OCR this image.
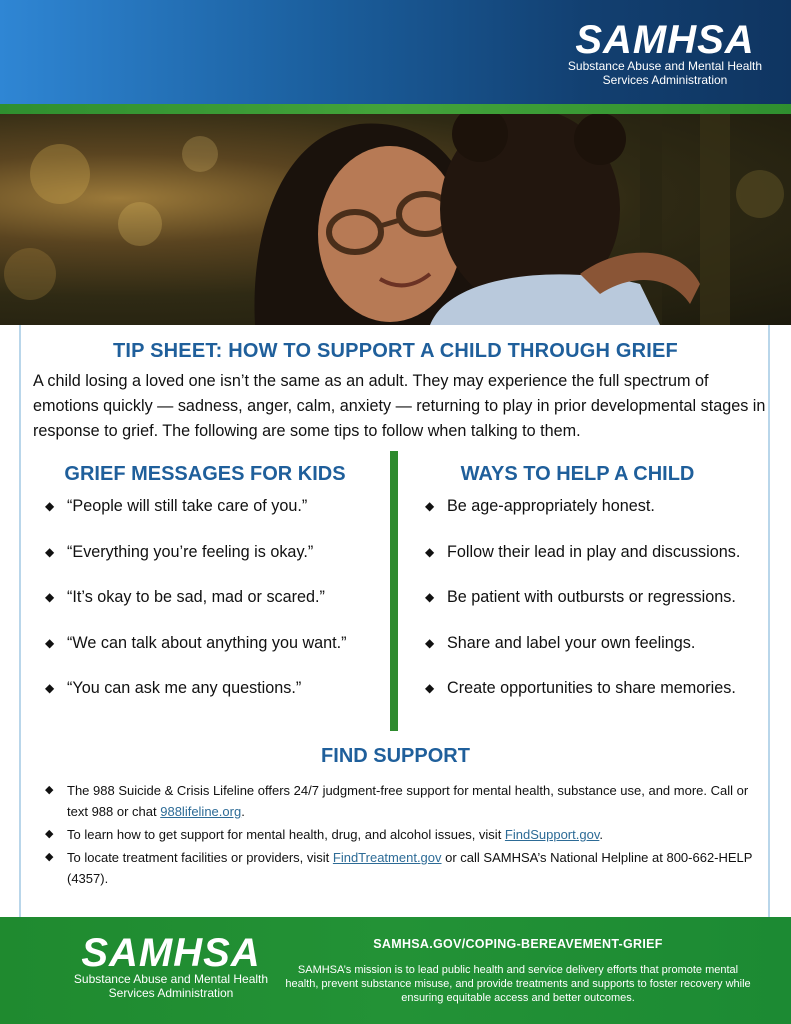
SAMHSA
Substance Abuse and Mental Health
Services Administration
TIP SHEET: HOW TO SUPPORT A CHILD THROUGH GRIEF

A child losing a loved one isn’t the same as an adult. They may experience the full spectrum of emotions quickly — sadness, anger, calm, anxiety — returning to play in prior developmental stages in response to grief. The following are some tips to follow when talking to them.

GRIEF MESSAGES FOR KIDS	WAYS TO HELP A CHILD
◆ “People will still take care of you.”
◆ “Everything you’re feeling is okay.”
◆ “It’s okay to be sad, mad or scared.”
◆ “We can talk about anything you want.”
◆ “You can ask me any questions.”
◆ Be age-appropriately honest.
◆ Follow their lead in play and discussions.
◆ Be patient with outbursts or regressions.
◆ Share and label your own feelings.
◆ Create opportunities to share memories.
FIND SUPPORT
◆ The 988 Suicide & Crisis Lifeline offers 24/7 judgment-free support for mental health, substance use, and more. Call or text 988 or chat 988lifeline.org.
◆ To learn how to get support for mental health, drug, and alcohol issues, visit FindSupport.gov.
◆ To locate treatment facilities or providers, visit FindTreatment.gov or call SAMHSA’s National Helpline at 800-662-HELP (4357).
SAMHSA
Substance Abuse and Mental Health
Services Administration
SAMHSA.GOV/COPING-BEREAVEMENT-GRIEF
SAMHSA’s mission is to lead public health and service delivery efforts that promote mental health, prevent substance misuse, and provide treatments and supports to foster recovery while ensuring equitable access and better outcomes.
